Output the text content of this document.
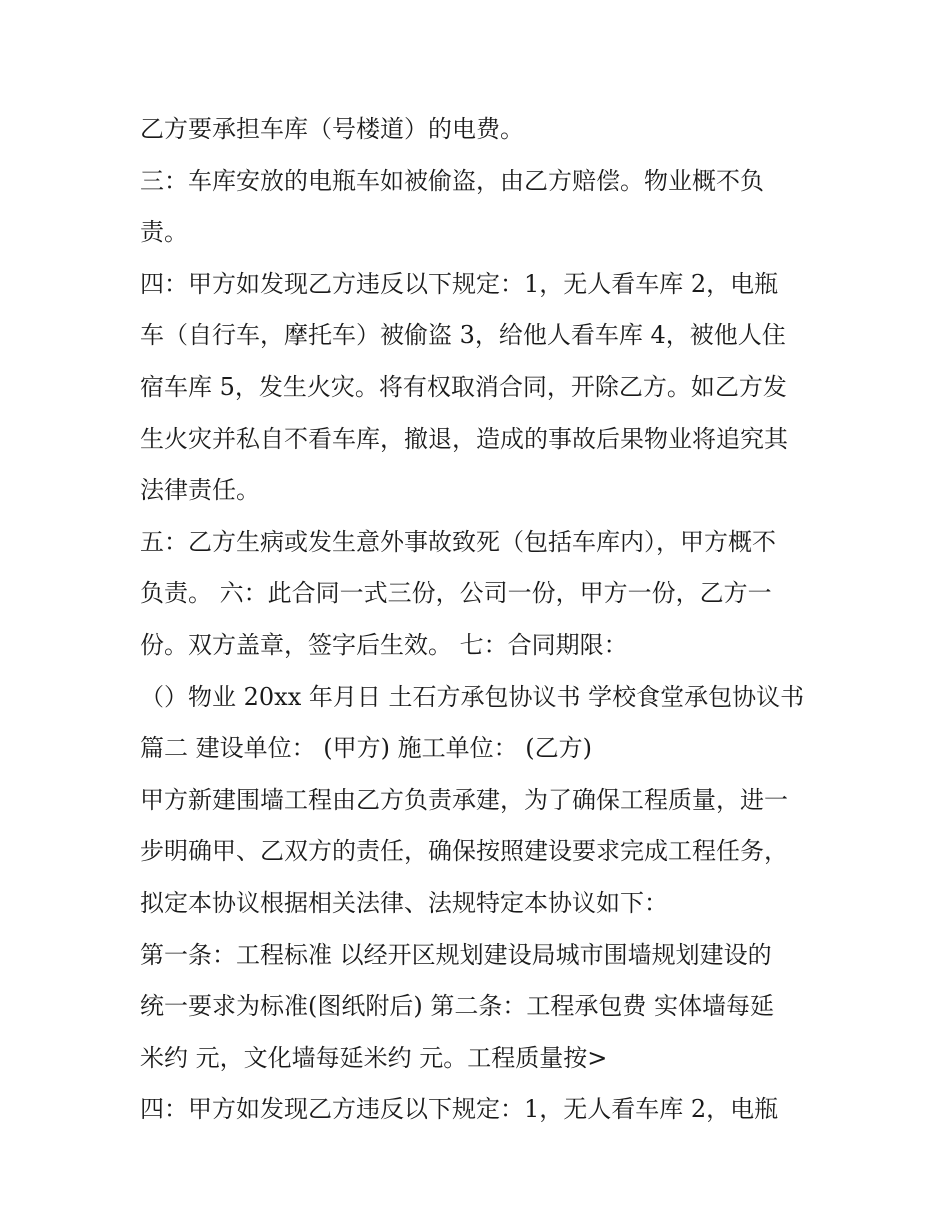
乙方要承担车库（号楼道）的电费。
三：车库安放的电瓶车如被偷盗，由乙方赔偿。物业概不负
责。
四：甲方如发现乙方违反以下规定：1，无人看车库 2，电瓶
车（自行车，摩托车）被偷盗 3，给他人看车库 4，被他人住
宿车库 5，发生火灾。将有权取消合同，开除乙方。如乙方发
生火灾并私自不看车库，撤退，造成的事故后果物业将追究其
法律责任。
五：乙方生病或发生意外事故致死（包括车库内），甲方概不
负责。 六：此合同一式三份，公司一份，甲方一份，乙方一
份。双方盖章，签字后生效。 七：合同期限：
（）物业 20xx 年月日 土石方承包协议书 学校食堂承包协议书
篇二 建设单位： (甲方) 施工单位： (乙方)
甲方新建围墙工程由乙方负责承建，为了确保工程质量，进一
步明确甲、乙双方的责任，确保按照建设要求完成工程任务，
拟定本协议根据相关法律、法规特定本协议如下：
第一条：工程标准 以经开区规划建设局城市围墙规划建设的
统一要求为标准(图纸附后) 第二条：工程承包费 实体墙每延
米约 元，文化墙每延米约 元。工程质量按>
四：甲方如发现乙方违反以下规定：1，无人看车库 2，电瓶
